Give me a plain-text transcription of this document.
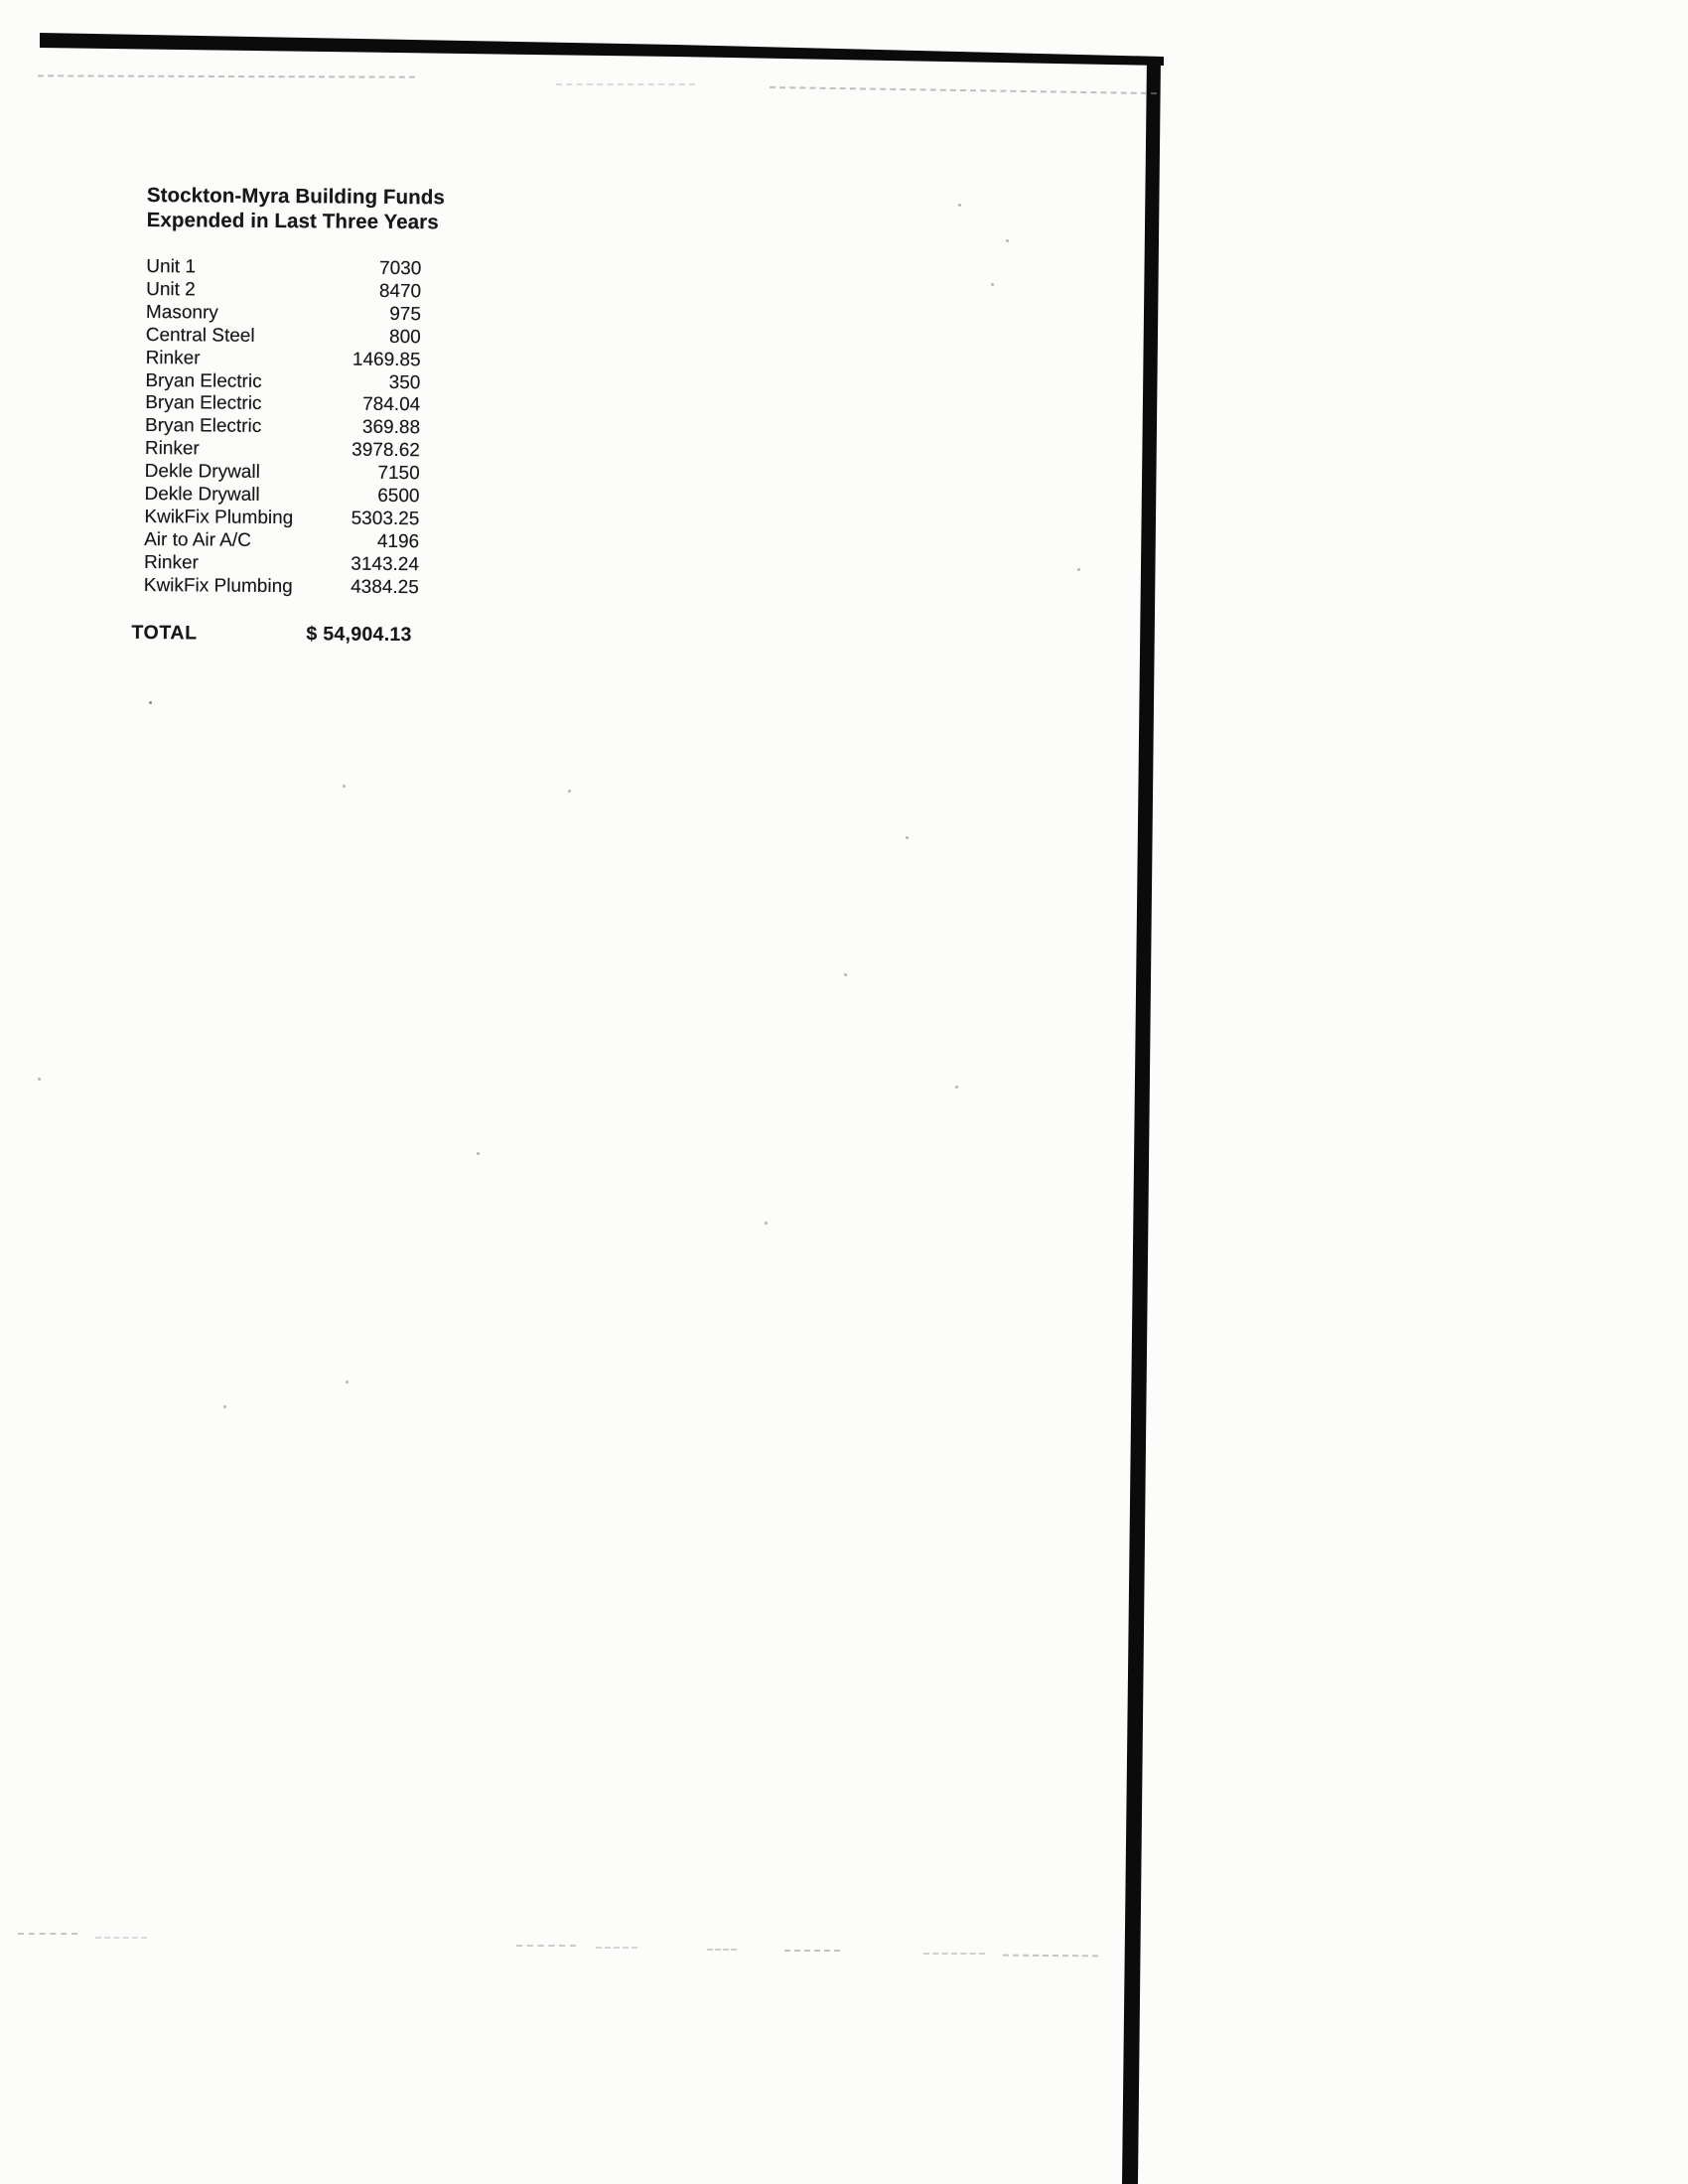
Stockton-Myra Building Funds
Expended in Last Three Years
Unit 1	7030
Unit 2	8470
Masonry	975
Central Steel	800
Rinker	1469.85
Bryan Electric	350
Bryan Electric	784.04
Bryan Electric	369.88
Rinker	3978.62
Dekle Drywall	7150
Dekle Drywall	6500
KwikFix Plumbing	5303.25
Air to Air A/C	4196
Rinker	3143.24
KwikFix Plumbing	4384.25
TOTAL	$ 54,904.13
